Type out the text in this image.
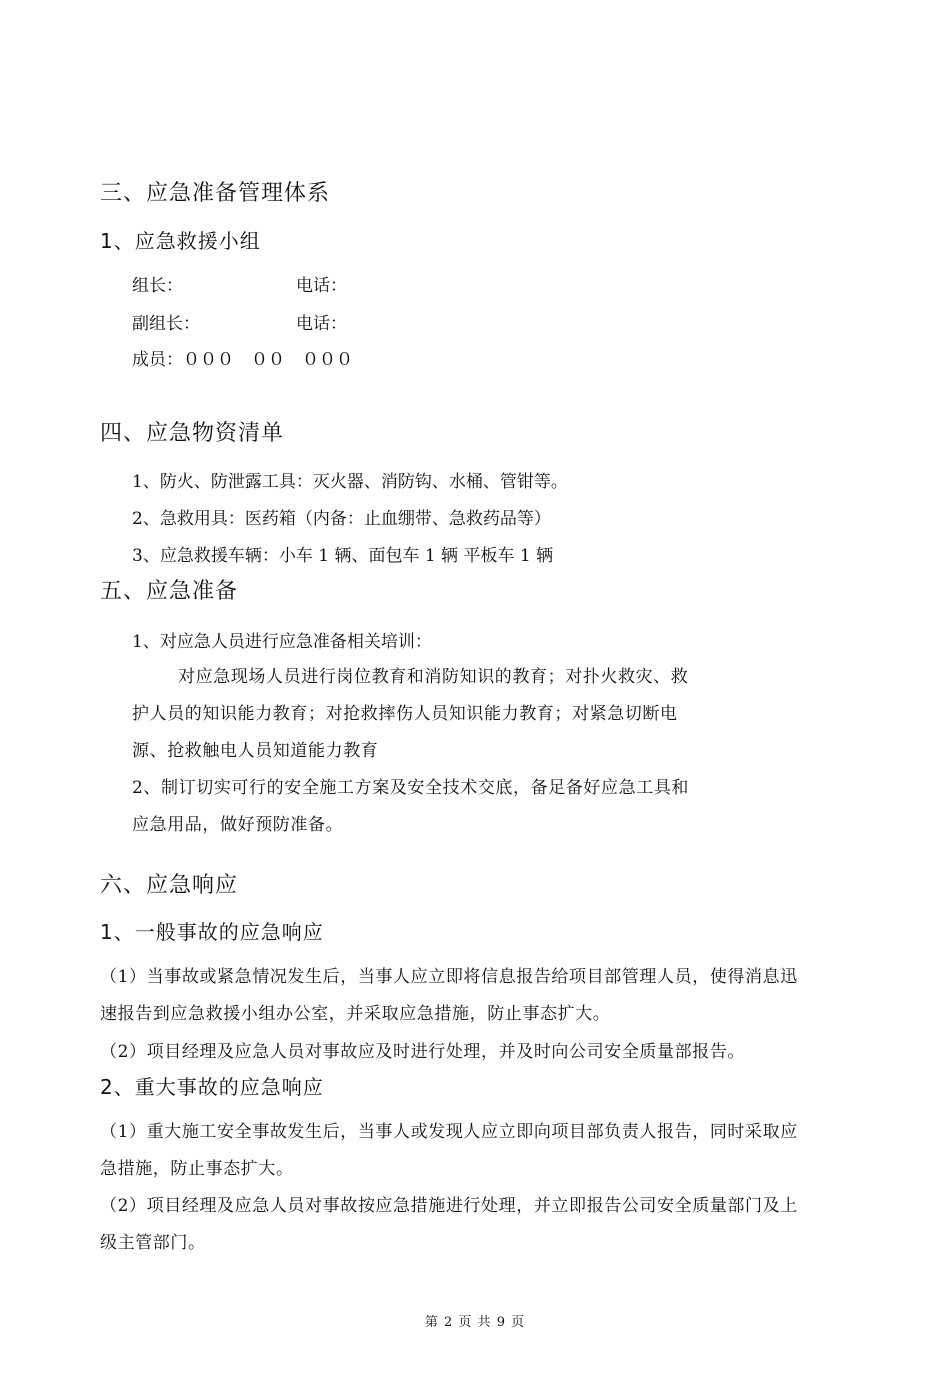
三、应急准备管理体系

1、应急救援小组

组长：	电话：

副组长：	电话：

成员：０００　００　０００

四、应急物资清单

1、防火、防泄露工具：灭火器、消防钩、水桶、管钳等。

2、急救用具：医药箱（内备：止血绷带、急救药品等）

3、应急救援车辆：小车 1 辆、面包车 1 辆 平板车 1 辆

五、应急准备

1、对应急人员进行应急准备相关培训：

对应急现场人员进行岗位教育和消防知识的教育；对扑火救灾、救

护人员的知识能力教育；对抢救摔伤人员知识能力教育；对紧急切断电

源、抢救触电人员知道能力教育

2、制订切实可行的安全施工方案及安全技术交底，备足备好应急工具和

应急用品，做好预防准备。

六、应急响应

1、一般事故的应急响应

（1）当事故或紧急情况发生后，当事人应立即将信息报告给项目部管理人员，使得消息迅

速报告到应急救援小组办公室，并采取应急措施，防止事态扩大。

（2）项目经理及应急人员对事故应及时进行处理，并及时向公司安全质量部报告。

2、重大事故的应急响应

（1）重大施工安全事故发生后，当事人或发现人应立即向项目部负责人报告，同时采取应

急措施，防止事态扩大。

（2）项目经理及应急人员对事故按应急措施进行处理，并立即报告公司安全质量部门及上

级主管部门。

第 2 页 共 9 页
